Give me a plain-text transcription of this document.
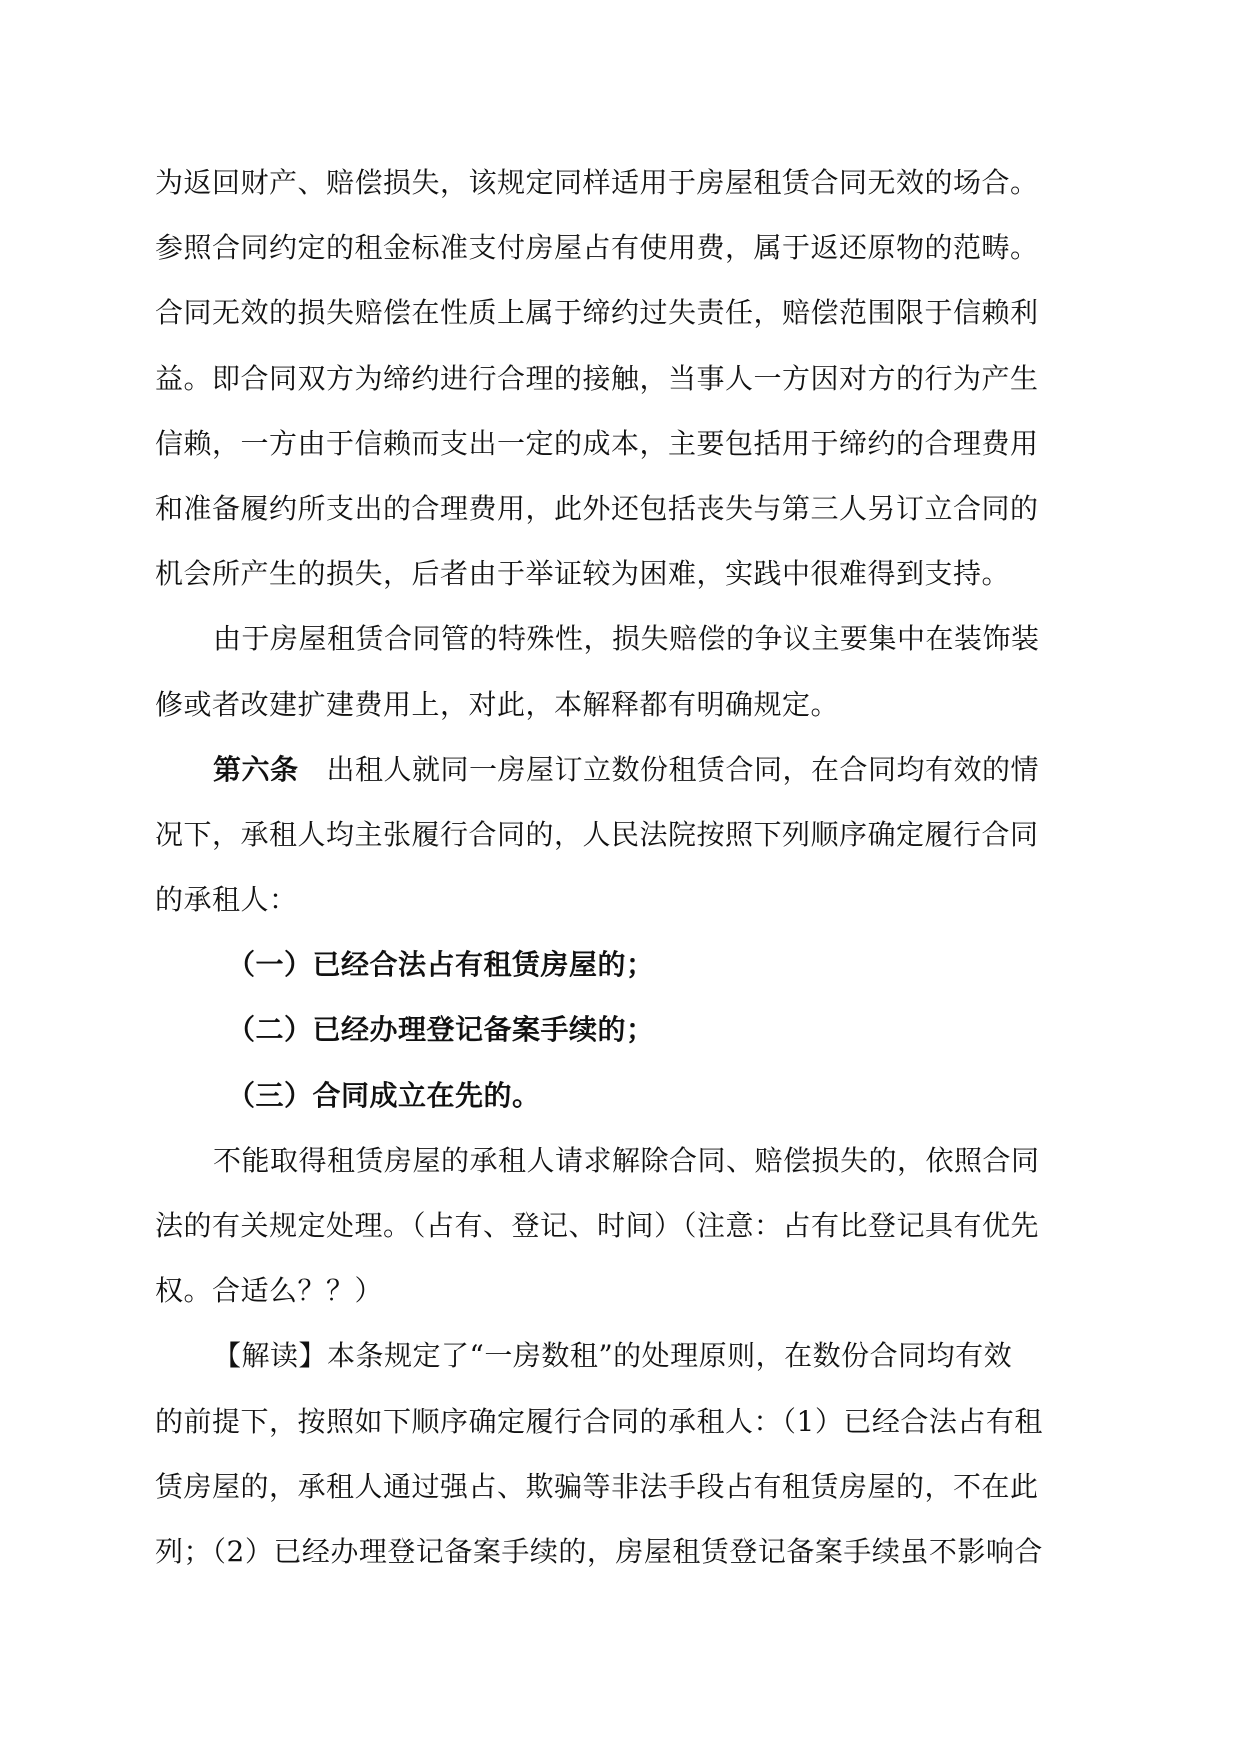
为返回财产、赔偿损失，该规定同样适用于房屋租赁合同无效的场合。
参照合同约定的租金标准支付房屋占有使用费，属于返还原物的范畴。
合同无效的损失赔偿在性质上属于缔约过失责任，赔偿范围限于信赖利
益。即合同双方为缔约进行合理的接触，当事人一方因对方的行为产生
信赖，一方由于信赖而支出一定的成本，主要包括用于缔约的合理费用
和准备履约所支出的合理费用，此外还包括丧失与第三人另订立合同的
机会所产生的损失，后者由于举证较为困难，实践中很难得到支持。
由于房屋租赁合同管的特殊性，损失赔偿的争议主要集中在装饰装
修或者改建扩建费用上，对此，本解释都有明确规定。
第六条 出租人就同一房屋订立数份租赁合同，在合同均有效的情
况下，承租人均主张履行合同的，人民法院按照下列顺序确定履行合同
的承租人：
（一）已经合法占有租赁房屋的；
（二）已经办理登记备案手续的；
（三）合同成立在先的。
不能取得租赁房屋的承租人请求解除合同、赔偿损失的，依照合同
法的有关规定处理。（占有、登记、时间）（注意：占有比登记具有优先
权。合适么？？）
【解读】本条规定了“一房数租”的处理原则，在数份合同均有效
的前提下，按照如下顺序确定履行合同的承租人：（1）已经合法占有租
赁房屋的，承租人通过强占、欺骗等非法手段占有租赁房屋的，不在此
列；（2）已经办理登记备案手续的，房屋租赁登记备案手续虽不影响合
